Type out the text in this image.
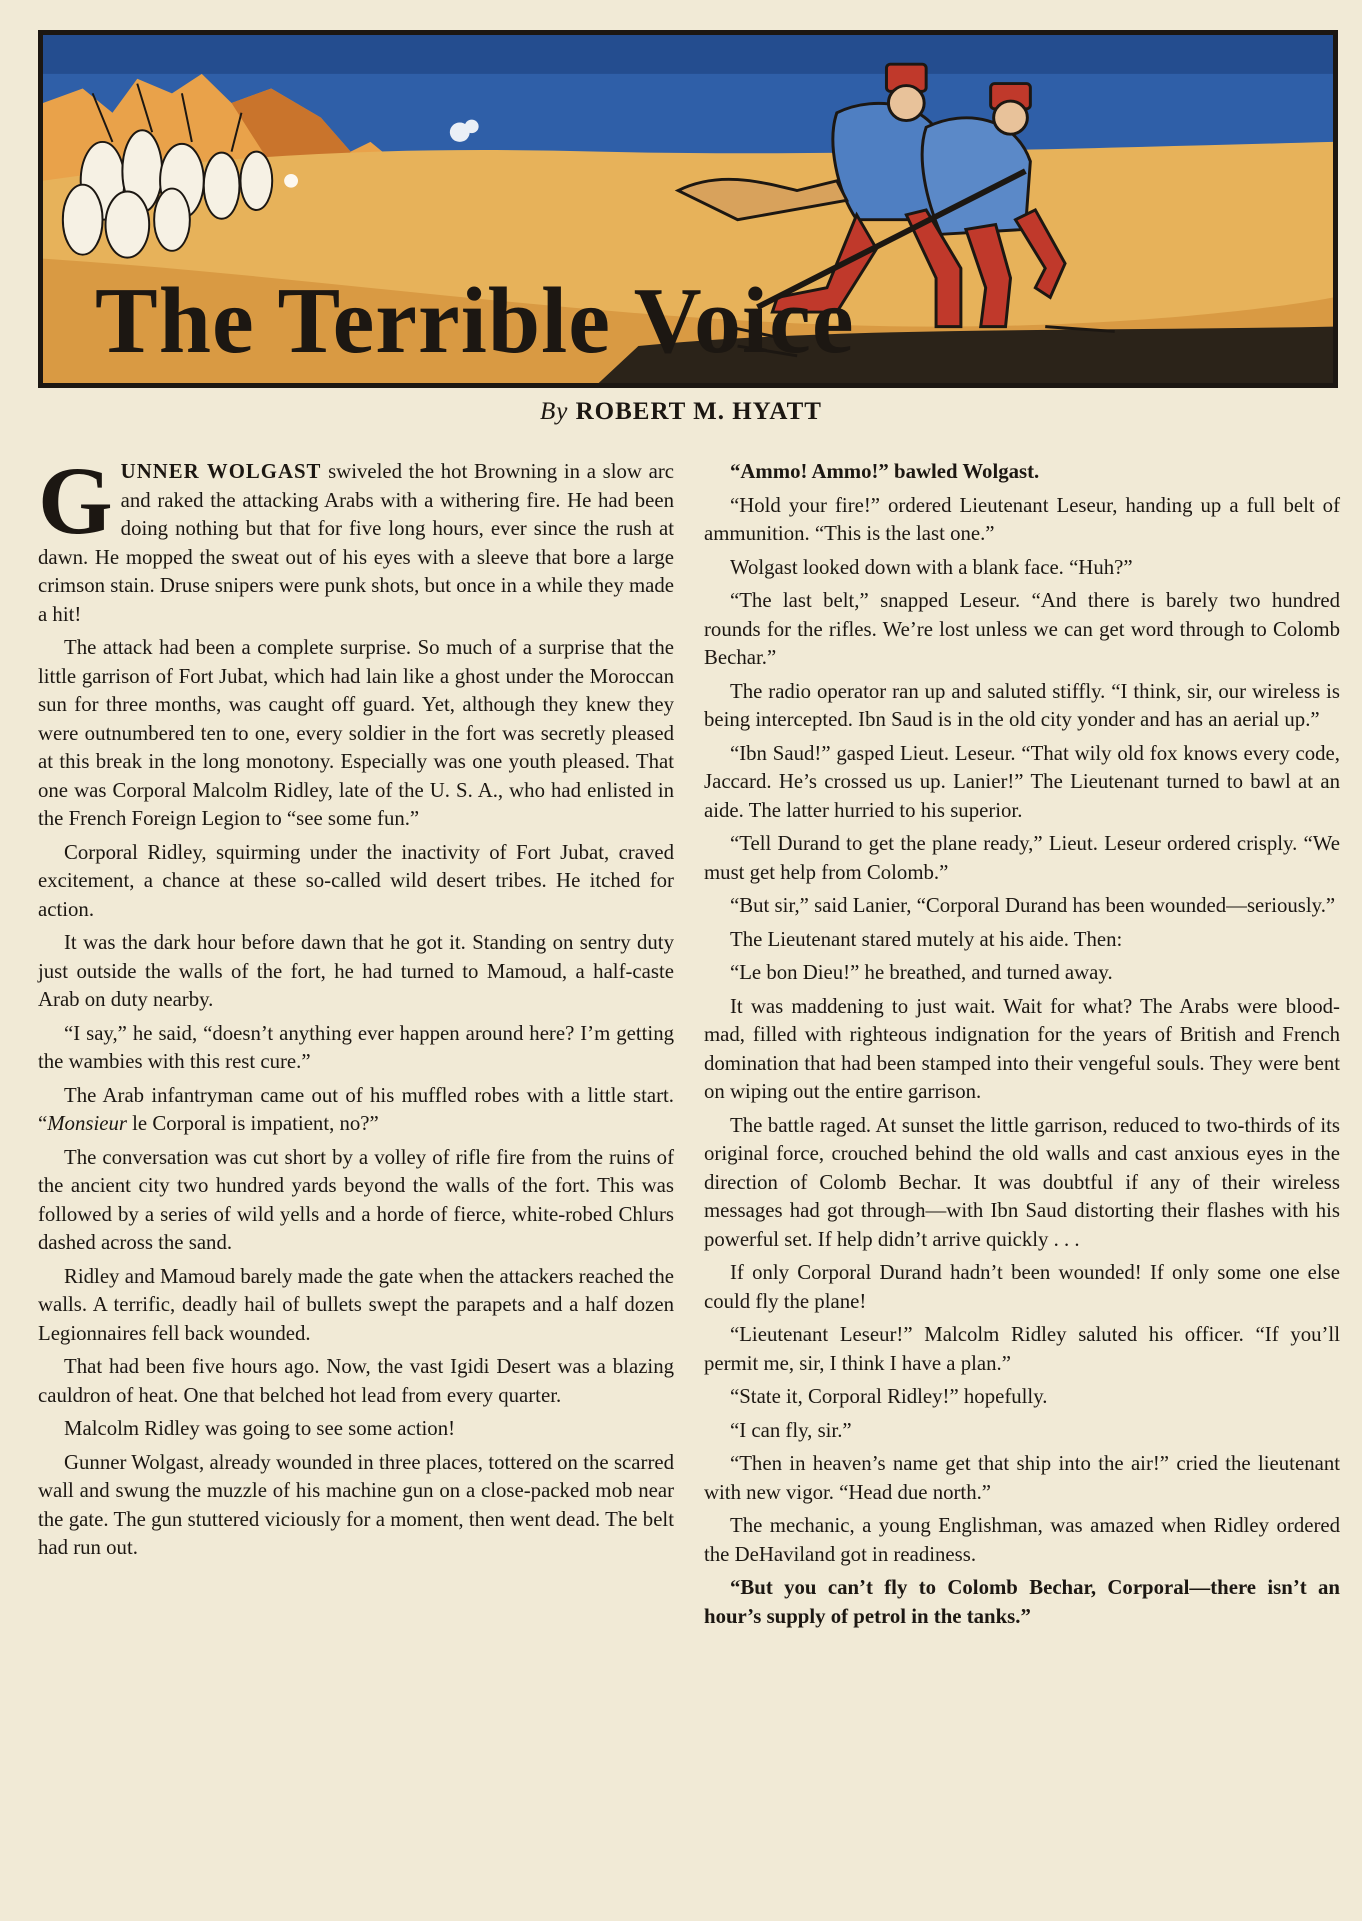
The Terrible Voice
By ROBERT M. HYATT

GUNNER WOLGAST swiveled the hot Browning in a slow arc and raked the attacking Arabs with a withering fire. He had been doing nothing but that for five long hours, ever since the rush at dawn. He mopped the sweat out of his eyes with a sleeve that bore a large crimson stain. Druse snipers were punk shots, but once in a while they made a hit!

The attack had been a complete surprise. So much of a surprise that the little garrison of Fort Jubat, which had lain like a ghost under the Moroccan sun for three months, was caught off guard. Yet, although they knew they were outnumbered ten to one, every soldier in the fort was secretly pleased at this break in the long monotony. Especially was one youth pleased. That one was Corporal Malcolm Ridley, late of the U. S. A., who had enlisted in the French Foreign Legion to “see some fun.”

Corporal Ridley, squirming under the inactivity of Fort Jubat, craved excitement, a chance at these so-called wild desert tribes. He itched for action.

It was the dark hour before dawn that he got it. Standing on sentry duty just outside the walls of the fort, he had turned to Mamoud, a half-caste Arab on duty nearby.

“I say,” he said, “doesn’t anything ever happen around here? I’m getting the wambies with this rest cure.”

The Arab infantryman came out of his muffled robes with a little start. “Monsieur le Corporal is impatient, no?”

The conversation was cut short by a volley of rifle fire from the ruins of the ancient city two hundred yards beyond the walls of the fort. This was followed by a series of wild yells and a horde of fierce, white-robed Chlurs dashed across the sand.

Ridley and Mamoud barely made the gate when the attackers reached the walls. A terrific, deadly hail of bullets swept the parapets and a half dozen Legionnaires fell back wounded.

That had been five hours ago. Now, the vast Igidi Desert was a blazing cauldron of heat. One that belched hot lead from every quarter.

Malcolm Ridley was going to see some action!

Gunner Wolgast, already wounded in three places, tottered on the scarred wall and swung the muzzle of his machine gun on a close-packed mob near the gate. The gun stuttered viciously for a moment, then went dead. The belt had run out.

“Ammo! Ammo!” bawled Wolgast.

“Hold your fire!” ordered Lieutenant Leseur, handing up a full belt of ammunition. “This is the last one.”

Wolgast looked down with a blank face. “Huh?”

“The last belt,” snapped Leseur. “And there is barely two hundred rounds for the rifles. We’re lost unless we can get word through to Colomb Bechar.”

The radio operator ran up and saluted stiffly. “I think, sir, our wireless is being intercepted. Ibn Saud is in the old city yonder and has an aerial up.”

“Ibn Saud!” gasped Lieut. Leseur. “That wily old fox knows every code, Jaccard. He’s crossed us up. Lanier!” The Lieutenant turned to bawl at an aide. The latter hurried to his superior.

“Tell Durand to get the plane ready,” Lieut. Leseur ordered crisply. “We must get help from Colomb.”

“But sir,” said Lanier, “Corporal Durand has been wounded—seriously.”

The Lieutenant stared mutely at his aide. Then:

“Le bon Dieu!” he breathed, and turned away.

It was maddening to just wait. Wait for what? The Arabs were blood-mad, filled with righteous indignation for the years of British and French domination that had been stamped into their vengeful souls. They were bent on wiping out the entire garrison.

The battle raged. At sunset the little garrison, reduced to two-thirds of its original force, crouched behind the old walls and cast anxious eyes in the direction of Colomb Bechar. It was doubtful if any of their wireless messages had got through—with Ibn Saud distorting their flashes with his powerful set. If help didn’t arrive quickly . . .

If only Corporal Durand hadn’t been wounded! If only some one else could fly the plane!

“Lieutenant Leseur!” Malcolm Ridley saluted his officer. “If you’ll permit me, sir, I think I have a plan.”

“State it, Corporal Ridley!” hopefully.

“I can fly, sir.”

“Then in heaven’s name get that ship into the air!” cried the lieutenant with new vigor. “Head due north.”

The mechanic, a young Englishman, was amazed when Ridley ordered the DeHaviland got in readiness.

“But you can’t fly to Colomb Bechar, Corporal—there isn’t an hour’s supply of petrol in the tanks.”
